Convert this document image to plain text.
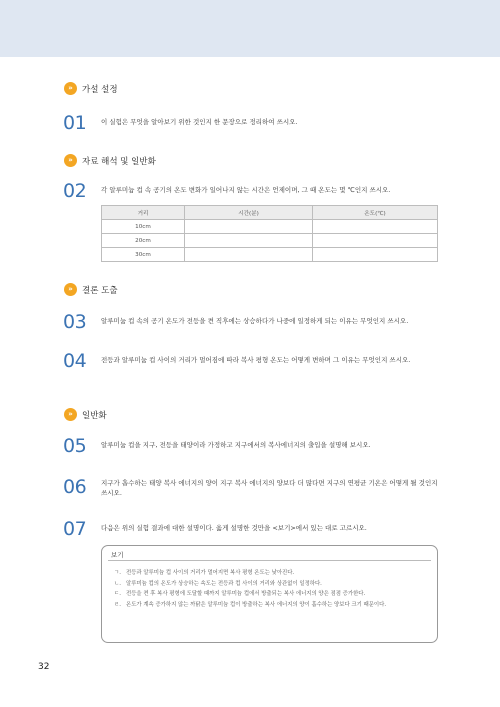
»	가설 설정
01 이 실험은 무엇을 알아보기 위한 것인지 한 문장으로 정리하여 쓰시오.
»	자료 해석 및 일반화
02 각 알루미늄 컵 속 공기의 온도 변화가 일어나지 않는 시간은 언제이며, 그 때 온도는 몇 ℃인지 쓰시오.
거리	시간(분)	온도(℃)
10cm		
20cm		
30cm		
»	결론 도출
03 알루미늄 컵 속의 공기 온도가 전등을 켠 직후에는 상승하다가 나중에 일정하게 되는 이유는 무엇인지 쓰시오.
04 전등과 알루미늄 컵 사이의 거리가 멀어짐에 따라 복사 평형 온도는 어떻게 변하며 그 이유는 무엇인지 쓰시오.
»	일반화
05 알루미늄 컵을 지구, 전등을 태양이라 가정하고 지구에서의 복사에너지의 출입을 설명해 보시오.
06 지구가 흡수하는 태양 복사 에너지의 양이 지구 복사 에너지의 양보다 더 많다면 지구의 연평균 기온은 어떻게 될 것인지 쓰시오.
07 다음은 위의 실험 결과에 대한 설명이다. 옳게 설명한 것만을 <보기>에서 있는 대로 고르시오.
보기
ㄱ. 전등과 알루미늄 컵 사이의 거리가 멀어지면 복사 평형 온도는 낮아진다.
ㄴ. 알루미늄 컵의 온도가 상승하는 속도는 전등과 컵 사이의 거리와 상관없이 일정하다.
ㄷ. 전등을 켠 후 복사 평형에 도달할 때까지 알루미늄 컵에서 방출되는 복사 에너지의 양은 점점 증가한다.
ㄹ. 온도가 계속 증가하지 않는 까닭은 알루미늄 컵이 방출하는 복사 에너지의 양이 흡수하는 양보다 크기 때문이다.
32
